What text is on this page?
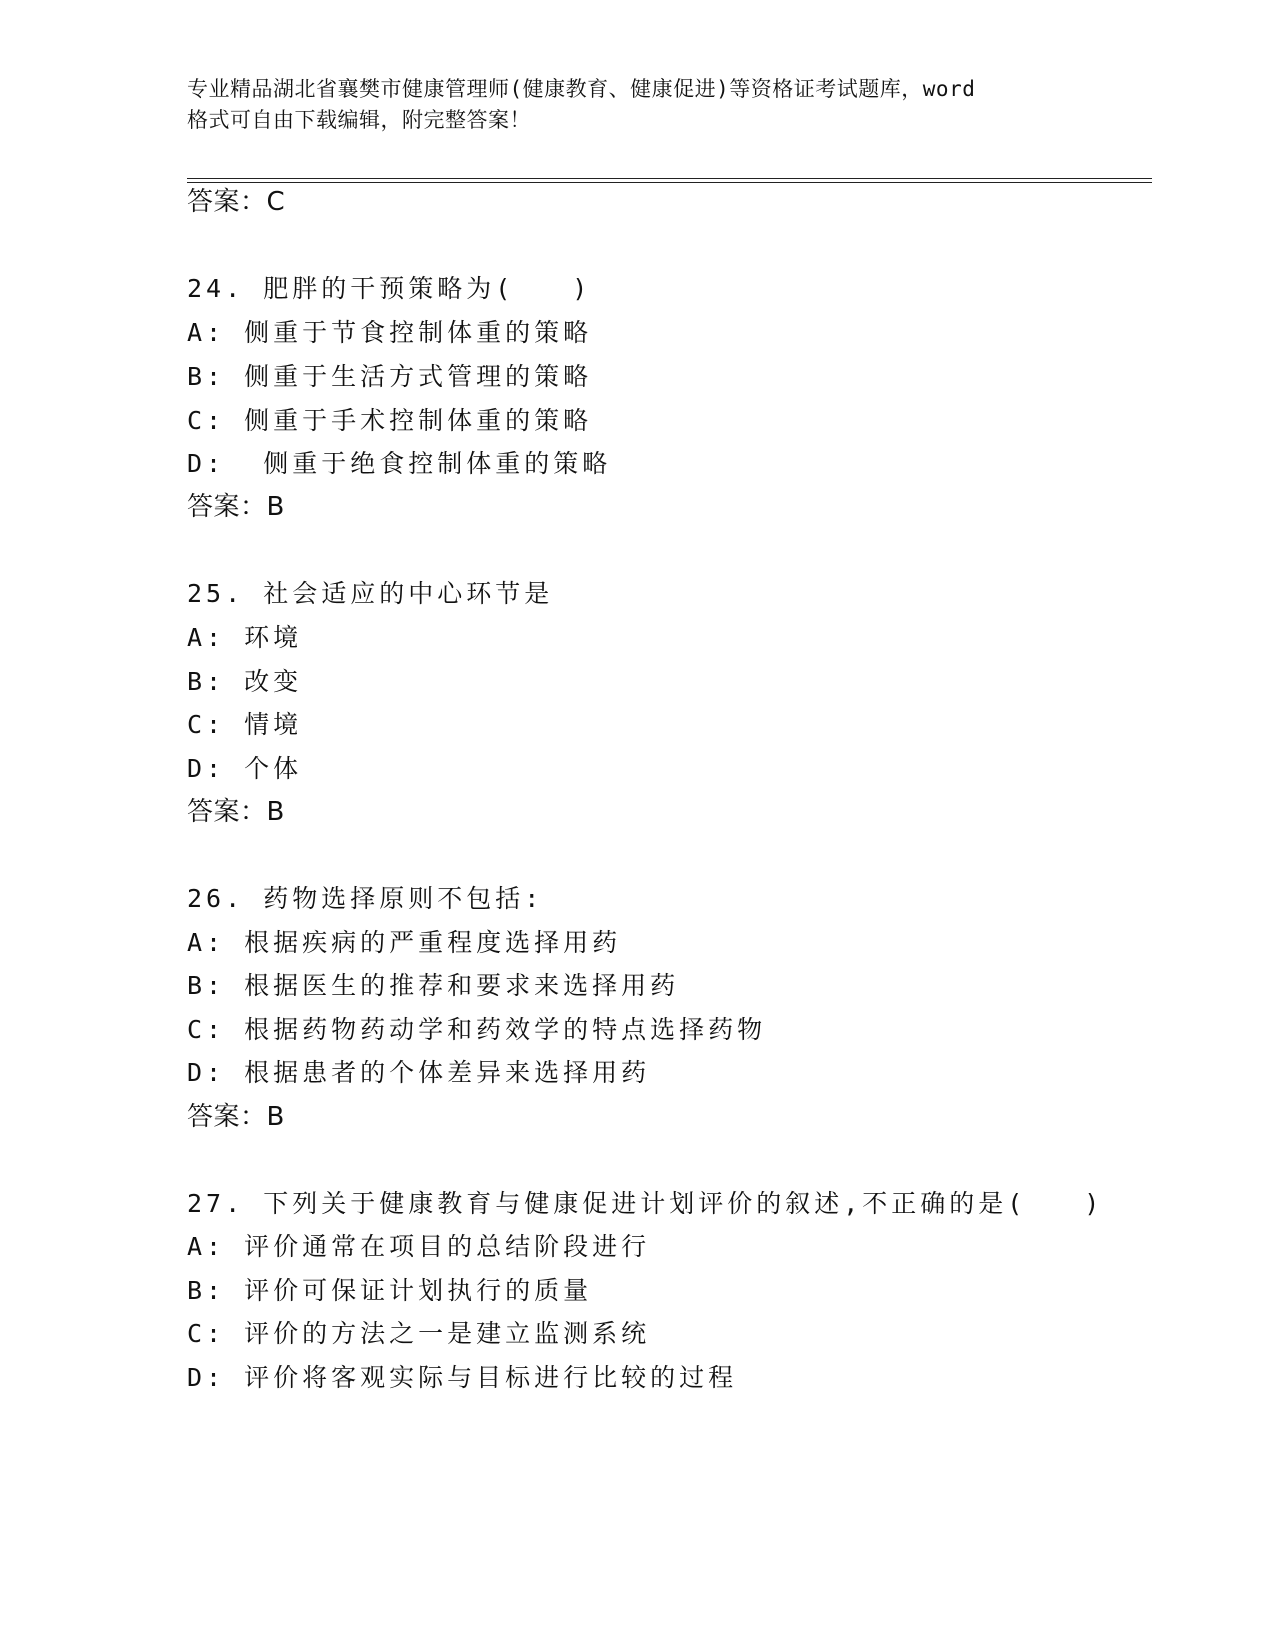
专业精品湖北省襄樊市健康管理师(健康教育、健康促进)等资格证考试题库，word
格式可自由下载编辑，附完整答案！
答案：C
24. 肥胖的干预策略为(　　)
A: 侧重于节食控制体重的策略
B: 侧重于生活方式管理的策略
C: 侧重于手术控制体重的策略
D:  侧重于绝食控制体重的策略
答案：B
25. 社会适应的中心环节是
A: 环境
B: 改变
C: 情境
D: 个体
答案：B
26. 药物选择原则不包括:
A: 根据疾病的严重程度选择用药
B: 根据医生的推荐和要求来选择用药
C: 根据药物药动学和药效学的特点选择药物
D: 根据患者的个体差异来选择用药
答案：B
27. 下列关于健康教育与健康促进计划评价的叙述,不正确的是(　　)
A: 评价通常在项目的总结阶段进行
B: 评价可保证计划执行的质量
C: 评价的方法之一是建立监测系统
D: 评价将客观实际与目标进行比较的过程
